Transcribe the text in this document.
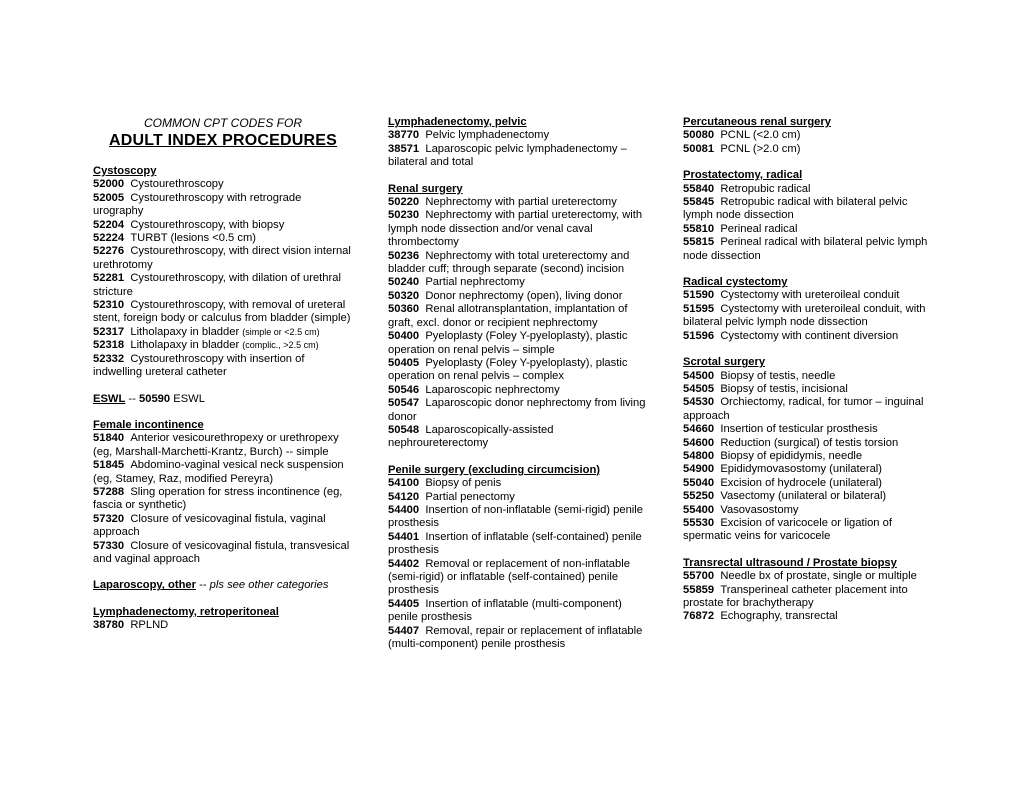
COMMON CPT CODES FOR

ADULT INDEX PROCEDURES

Cystoscopy

52000 Cystourethroscopy

52005 Cystourethroscopy with retrograde urography

52204 Cystourethroscopy, with biopsy

52224 TURBT (lesions <0.5 cm)

52276 Cystourethroscopy, with direct vision internal urethrotomy

52281 Cystourethroscopy, with dilation of urethral stricture

52310 Cystourethroscopy, with removal of ureteral stent, foreign body or calculus from bladder (simple)

52317 Litholapaxy in bladder (simple or <2.5 cm)

52318 Litholapaxy in bladder (complic., >2.5 cm)

52332 Cystourethroscopy with insertion of indwelling ureteral catheter

ESWL -- 50590 ESWL

Female incontinence

51840 Anterior vesicourethropexy or urethropexy (eg, Marshall-Marchetti-Krantz, Burch) -- simple

51845 Abdomino-vaginal vesical neck suspension (eg, Stamey, Raz, modified Pereyra)

57288 Sling operation for stress incontinence (eg, fascia or synthetic)

57320 Closure of vesicovaginal fistula, vaginal approach

57330 Closure of vesicovaginal fistula, transvesical and vaginal approach

Laparoscopy, other -- pls see other categories

Lymphadenectomy, retroperitoneal

38780 RPLND

Lymphadenectomy, pelvic

38770 Pelvic lymphadenectomy

38571 Laparoscopic pelvic lymphadenectomy – bilateral and total

Renal surgery

50220 Nephrectomy with partial ureterectomy

50230 Nephrectomy with partial ureterectomy, with lymph node dissection and/or venal caval thrombectomy

50236 Nephrectomy with total ureterectomy and bladder cuff; through separate (second) incision

50240 Partial nephrectomy

50320 Donor nephrectomy (open), living donor

50360 Renal allotransplantation, implantation of graft, excl. donor or recipient nephrectomy

50400 Pyeloplasty (Foley Y-pyeloplasty), plastic operation on renal pelvis – simple

50405 Pyeloplasty (Foley Y-pyeloplasty), plastic operation on renal pelvis – complex

50546 Laparoscopic nephrectomy

50547 Laparoscopic donor nephrectomy from living donor

50548 Laparoscopically-assisted nephroureterectomy

Penile surgery (excluding circumcision)

54100 Biopsy of penis

54120 Partial penectomy

54400 Insertion of non-inflatable (semi-rigid) penile prosthesis

54401 Insertion of inflatable (self-contained) penile prosthesis

54402 Removal or replacement of non-inflatable (semi-rigid) or inflatable (self-contained) penile prosthesis

54405 Insertion of inflatable (multi-component) penile prosthesis

54407 Removal, repair or replacement of inflatable (multi-component) penile prosthesis

Percutaneous renal surgery

50080 PCNL (<2.0 cm)

50081 PCNL (>2.0 cm)

Prostatectomy, radical

55840 Retropubic radical

55845 Retropubic radical with bilateral pelvic lymph node dissection

55810 Perineal radical

55815 Perineal radical with bilateral pelvic lymph node dissection

Radical cystectomy

51590 Cystectomy with ureteroileal conduit

51595 Cystectomy with ureteroileal conduit, with bilateral pelvic lymph node dissection

51596 Cystectomy with continent diversion

Scrotal surgery

54500 Biopsy of testis, needle

54505 Biopsy of testis, incisional

54530 Orchiectomy, radical, for tumor – inguinal approach

54660 Insertion of testicular prosthesis

54600 Reduction (surgical) of testis torsion

54800 Biopsy of epididymis, needle

54900 Epididymovasostomy (unilateral)

55040 Excision of hydrocele (unilateral)

55250 Vasectomy (unilateral or bilateral)

55400 Vasovasostomy

55530 Excision of varicocele or ligation of spermatic veins for varicocele

Transrectal ultrasound / Prostate biopsy

55700 Needle bx of prostate, single or multiple

55859 Transperineal catheter placement into prostate for brachytherapy

76872 Echography, transrectal
